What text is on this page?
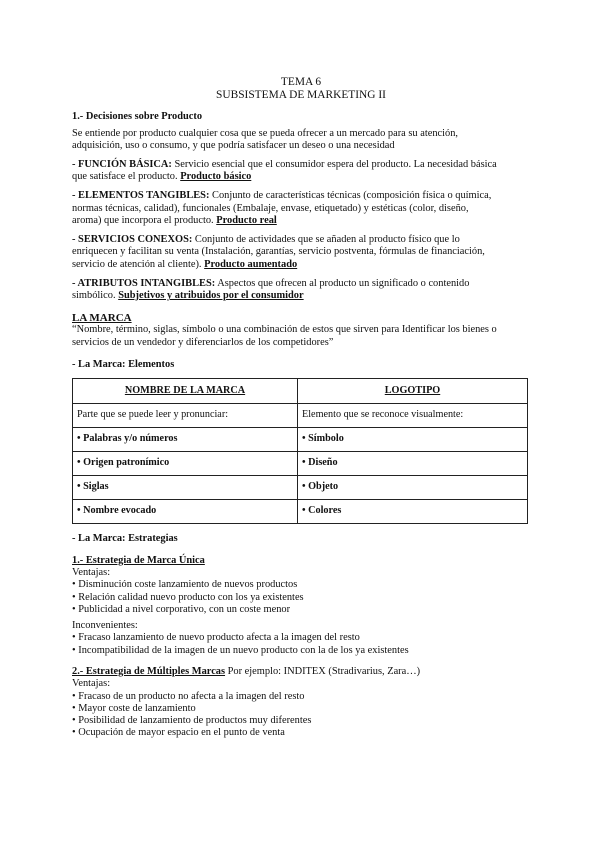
TEMA 6

SUBSISTEMA DE MARKETING II

1.- Decisiones sobre Producto

Se entiende por producto cualquier cosa que se pueda ofrecer a un mercado para su atención,

adquisición, uso o consumo, y que podría satisfacer un deseo o una necesidad

- FUNCIÓN BÁSICA: Servicio esencial que el consumidor espera del producto. La necesidad básica

que satisface el producto. Producto básico

- ELEMENTOS TANGIBLES: Conjunto de características técnicas (composición física o química,

normas técnicas, calidad), funcionales (Embalaje, envase, etiquetado) y estéticas (color, diseño,

aroma) que incorpora el producto. Producto real

- SERVICIOS CONEXOS: Conjunto de actividades que se añaden al producto físico que lo

enriquecen y facilitan su venta (Instalación, garantías, servicio postventa, fórmulas de financiación,

servicio de atención al cliente). Producto aumentado

- ATRIBUTOS INTANGIBLES: Aspectos que ofrecen al producto un significado o contenido

simbólico. Subjetivos y atribuidos por el consumidor

LA MARCA

“Nombre, término, siglas, símbolo o una combinación de estos que sirven para Identificar los bienes o

servicios de un vendedor y diferenciarlos de los competidores”

- La Marca: Elementos

NOMBRE DE LA MARCA	LOGOTIPO
Parte que se puede leer y pronunciar:	Elemento que se reconoce visualmente:
• Palabras y/o números	• Símbolo
• Origen patronímico	• Diseño
• Siglas	• Objeto
• Nombre evocado	• Colores

- La Marca: Estrategias

1.- Estrategia de Marca Única

Ventajas:

• Disminución coste lanzamiento de nuevos productos

• Relación calidad nuevo producto con los ya existentes

• Publicidad a nivel corporativo, con un coste menor

Inconvenientes:

• Fracaso lanzamiento de nuevo producto afecta a la imagen del resto

• Incompatibilidad de la imagen de un nuevo producto con la de los ya existentes

2.- Estrategia de Múltiples Marcas Por ejemplo: INDITEX (Stradivarius, Zara…)

Ventajas:

• Fracaso de un producto no afecta a la imagen del resto

• Mayor coste de lanzamiento

• Posibilidad de lanzamiento de productos muy diferentes

• Ocupación de mayor espacio en el punto de venta
